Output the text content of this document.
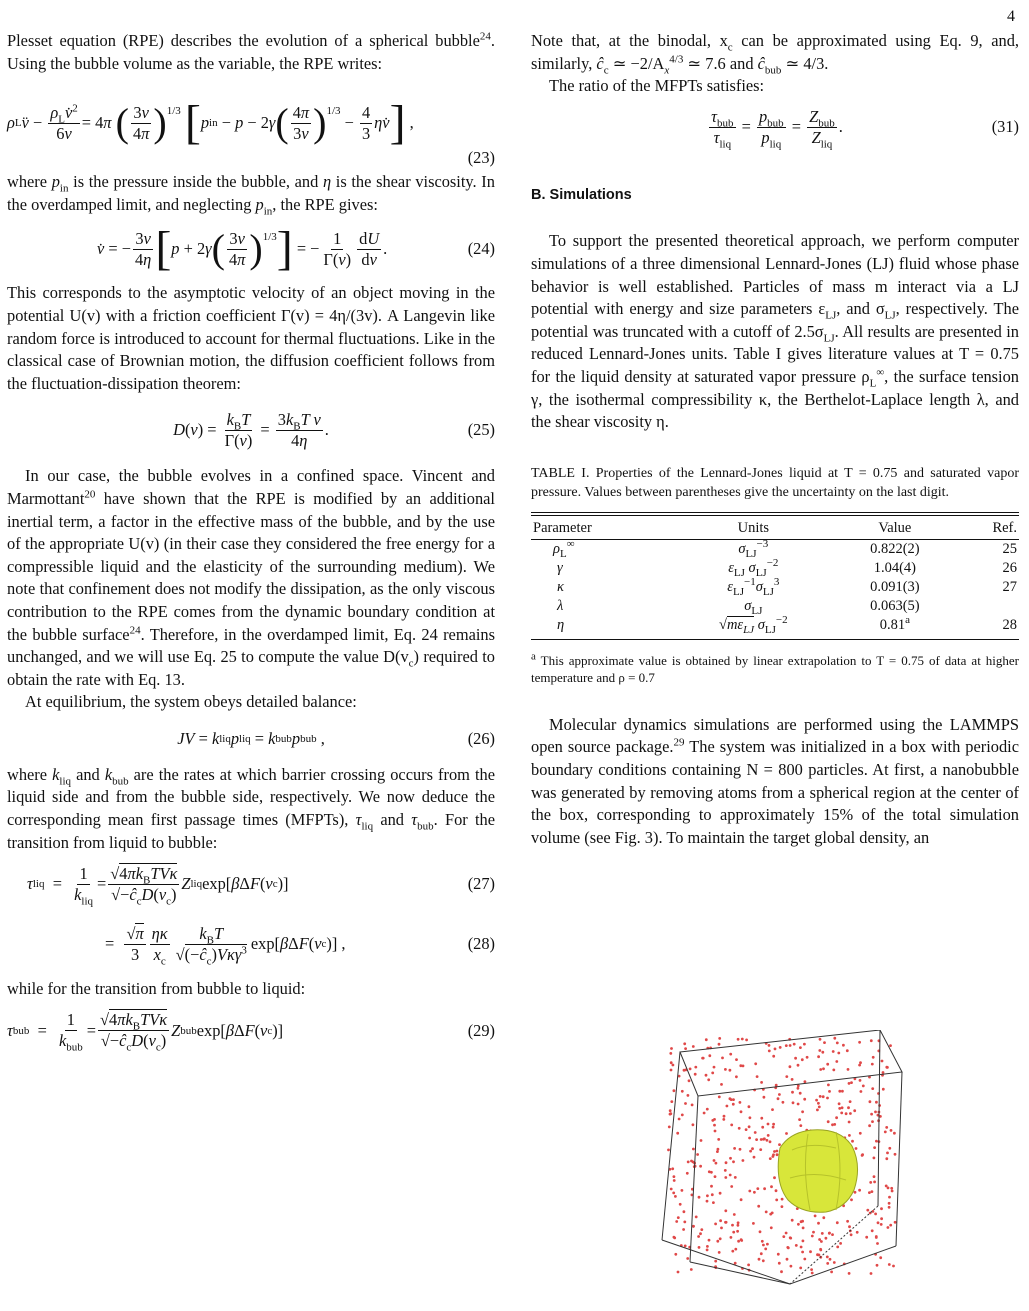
4

Plesset equation (RPE) describes the evolution of a spherical bubble$^{24}$. Using the bubble volume as the variable, the RPE writes:

ρ L v̈ − $\frac{\rho_Lv̇^2}{6v} = 4$ π
( $\frac{3v}{4\pi} )^{1/3}$
[ p in − p − 2 γ ( $\frac{4\pi}{3v} )^{1/3}$
− $\frac{4}{3}$ ηv̇ ] ,
(23)

where $p_{in}$ is the pressure inside the bubble, and η is the shear viscosity. In the overdamped limit, and neglecting $p_{in}$, the RPE gives:

v̇ = − $\frac{3v}{4\eta}$ [ p + 2 γ ( $\frac{3v}{4\pi} )^{1/3}$ ] = − $\frac{1}{\Gamma(v)} \frac{dU}{dv}$ .	(24)

This corresponds to the asymptotic velocity of an object moving in the potential U(v) with a friction coefficient Γ(v) = 4η/(3v). A Langevin like random force is introduced to account for thermal fluctuations. Like in the classical case of Brownian motion, the diffusion coefficient follows from the fluctuation-dissipation theorem:

D ( v ) = $\frac{k_BT}{\Gamma(v)} = \frac{3k_BT v}{4\eta}$ .	(25)

In our case, the bubble evolves in a confined space. Vincent and Marmottant$^{20}$ have shown that the RPE is modified by an additional inertial term, a factor in the effective mass of the bubble, and by the use of the appropriate U(v) (in their case they considered the free energy for a compressible liquid and the elasticity of the surrounding medium). We note that confinement does not modify the dissipation, as the only viscous contribution to the RPE comes from the dynamic boundary condition at the bubble surface$^{24}$. Therefore, in the overdamped limit, Eq. 24 remains unchanged, and we will use Eq. 25 to compute the value $D(v_c)$ required to obtain the rate with Eq. 13.

At equilibrium, the system obeys detailed balance:

JV = k liq p liq = k bub p bub ,	(26)

where $k_{liq}$ and $k_{bub}$ are the rates at which barrier crossing occurs from the liquid side and from the bubble side, respectively. We now deduce the corresponding mean first passage times (MFPTs), $\tau_{liq}$ and $\tau_{bub}$. For the transition from liquid to bubble:

τ liq = $\frac{1}{k_{liq}} = \frac{√4\pi k_BTV\kappa}{√-ĉ_cD(v_c)}$ Z liq exp[ β Δ F ( v c )]	(27)
= $\frac{√\pi}{3} \frac{\eta\kappa}{x_c} \frac{k_BT}{√(-ĉ_c)V\kappa\gamma^3} \exp$[ β Δ F ( v c )] ,	(28)

while for the transition from bubble to liquid:

τ bub = $\frac{1}{k_{bub}} = \frac{√4\pi k_BTV\kappa}{√-ĉ_cD(v_c)}$ Z bub exp[ β Δ F ( v c )]	(29)

Note that, at the binodal, $x_c$ can be approximated using Eq. 9, and, similarly, $ĉ_c$ ≃ $-2/A_x^{4/3}$ ≃ 7.6 and $ĉ_{bub}$ ≃ 4/3.

The ratio of the MFPTs satisfies:

$\frac{\tau_{bub}}{\tau_{liq}} = \frac{p_{bub}}{p_{liq}} = \frac{Z_{bub}}{Z_{liq}}$ .	(31)
B. Simulations

To support the presented theoretical approach, we perform computer simulations of a three dimensional Lennard-Jones (LJ) fluid whose phase behavior is well established. Particles of mass m interact via a LJ potential with energy and size parameters $\varepsilon_{LJ}$, and $\sigma_{LJ}$, respectively. The potential was truncated with a cutoff of $2.5\sigma_{LJ}$. All results are presented in reduced Lennard-Jones units. Table I gives literature values at T = 0.75 for the liquid density at saturated vapor pressure $\rho_L^\infty$, the surface tension γ, the isothermal compressibility κ, the Berthelot-Laplace length λ, and the shear viscosity η.

TABLE I. Properties of the Lennard-Jones liquid at T = 0.75 and saturated vapor pressure. Values between parentheses give the uncertainty on the last digit.

Parameter	Units	Value	Ref.
$\rho_L^\infty$	$\sigma_{LJ}^{-3}$	0.822(2)	25
γ	$\varepsilon_{LJ}$ $\sigma_{LJ}^{-2}$	1.04(4)	26
κ	$\varepsilon_{LJ}^{-1}\sigma_{LJ}^3$	0.091(3)	27
λ	$\sigma_{LJ}$	0.063(5)	
η	$√m\varepsilon_{LJ}$ $\sigma_{LJ}^{-2}$	0.81$^a$	28

$^a$ This approximate value is obtained by linear extrapolation to T = 0.75 of data at higher temperature and ρ = 0.7

Molecular dynamics simulations are performed using the LAMMPS open source package.$^{29}$ The system was initialized in a box with periodic boundary conditions containing N = 800 particles. At first, a nanobubble was generated by removing atoms from a spherical region at the center of the box, corresponding to approximately 15% of the total simulation volume (see Fig. 3). To maintain the target global density, an
